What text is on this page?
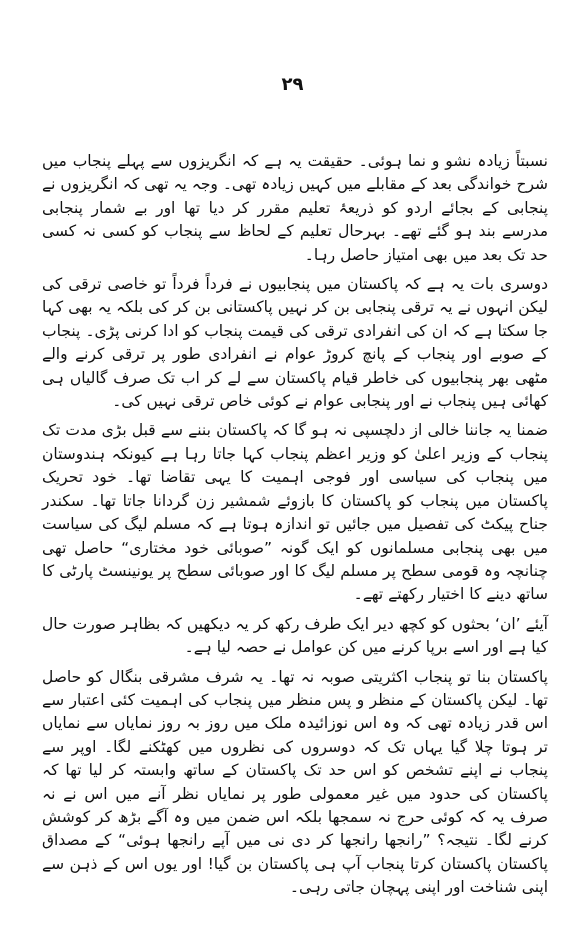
۲۹

نسبتاً زیادہ نشو و نما ہوئی۔ حقیقت یہ ہے کہ انگریزوں سے پہلے پنجاب میں شرح خواندگی بعد کے مقابلے میں کہیں زیادہ تھی۔ وجہ یہ تھی کہ انگریزوں نے پنجابی کے بجائے اردو کو ذریعۂ تعلیم مقرر کر دیا تھا اور بے شمار پنجابی مدرسے بند ہو گئے تھے۔ بہرحال تعلیم کے لحاظ سے پنجاب کو کسی نہ کسی حد تک بعد میں بھی امتیاز حاصل رہا۔

دوسری بات یہ ہے کہ پاکستان میں پنجابیوں نے فرداً فرداً تو خاصی ترقی کی لیکن انہوں نے یہ ترقی پنجابی بن کر نہیں پاکستانی بن کر کی بلکہ یہ بھی کہا جا سکتا ہے کہ ان کی انفرادی ترقی کی قیمت پنجاب کو ادا کرنی پڑی۔ پنجاب کے صوبے اور پنجاب کے پانچ کروڑ عوام نے انفرادی طور پر ترقی کرنے والے مٹھی بھر پنجابیوں کی خاطر قیام پاکستان سے لے کر اب تک صرف گالیاں ہی کھائی ہیں پنجاب نے اور پنجابی عوام نے کوئی خاص ترقی نہیں کی۔

ضمنا یہ جاننا خالی از دلچسپی نہ ہو گا کہ پاکستان بننے سے قبل بڑی مدت تک پنجاب کے وزیر اعلیٰ کو وزیر اعظم پنجاب کہا جاتا رہا ہے کیونکہ ہندوستان میں پنجاب کی سیاسی اور فوجی اہمیت کا یہی تقاضا تھا۔ خود تحریک پاکستان میں پنجاب کو پاکستان کا بازوئے شمشیر زن گردانا جاتا تھا۔ سکندر جناح پیکٹ کی تفصیل میں جائیں تو اندازہ ہوتا ہے کہ مسلم لیگ کی سیاست میں بھی پنجابی مسلمانوں کو ایک گونہ ”صوبائی خود مختاری“ حاصل تھی چنانچہ وہ قومی سطح پر مسلم لیگ کا اور صوبائی سطح پر یونینسٹ پارٹی کا ساتھ دینے کا اختیار رکھتے تھے۔

آیئے ’ان‘ بحثوں کو کچھ دیر ایک طرف رکھ کر یہ دیکھیں کہ بظاہر صورت حال کیا ہے اور اسے برپا کرنے میں کن عوامل نے حصہ لیا ہے۔

پاکستان بنا تو پنجاب اکثریتی صوبہ نہ تھا۔ یہ شرف مشرقی بنگال کو حاصل تھا۔ لیکن پاکستان کے منظر و پس منظر میں پنجاب کی اہمیت کئی اعتبار سے اس قدر زیادہ تھی کہ وہ اس نوزائیدہ ملک میں روز بہ روز نمایاں سے نمایاں تر ہوتا چلا گیا یہاں تک کہ دوسروں کی نظروں میں کھٹکنے لگا۔ اوپر سے پنجاب نے اپنے تشخص کو اس حد تک پاکستان کے ساتھ وابستہ کر لیا تھا کہ پاکستان کی حدود میں غیر معمولی طور پر نمایاں نظر آنے میں اس نے نہ صرف یہ کہ کوئی حرج نہ سمجھا بلکہ اس ضمن میں وہ آگے بڑھ کر کوشش کرنے لگا۔ نتیجہ؟ ”رانجھا رانجھا کر دی نی میں آپے رانجھا ہوئی“ کے مصداق پاکستان پاکستان کرتا پنجاب آپ ہی پاکستان بن گیا! اور یوں اس کے ذہن سے اپنی شناخت اور اپنی پہچان جاتی رہی۔
